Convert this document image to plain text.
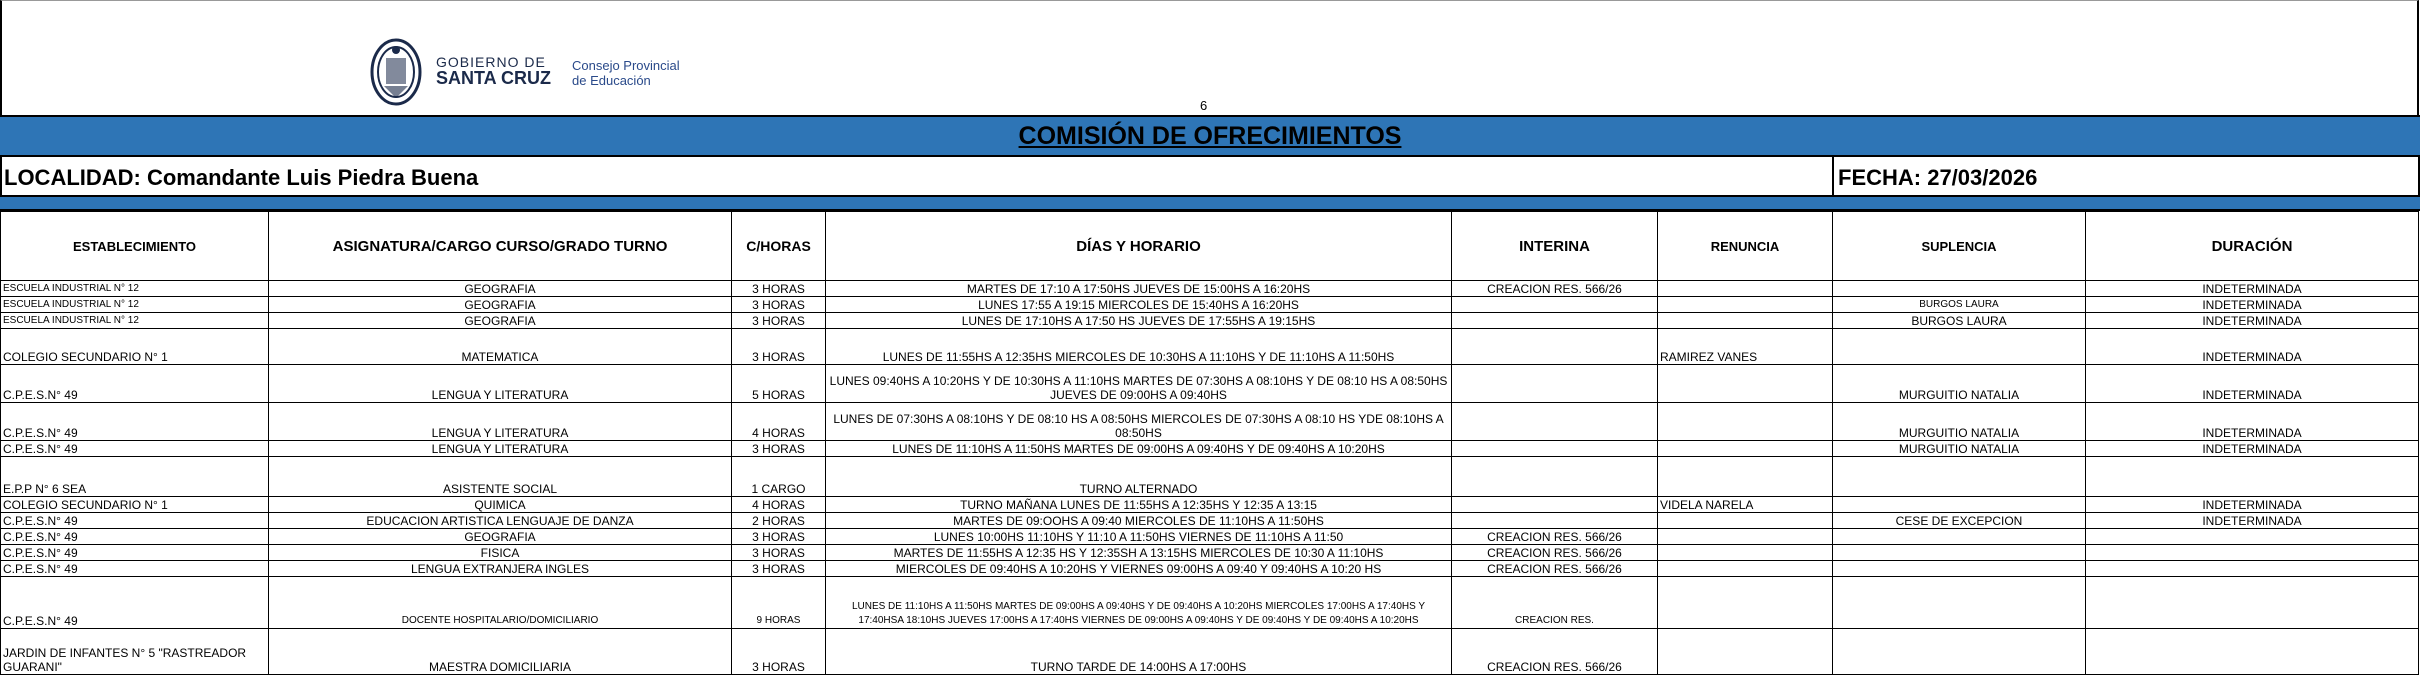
GOBIERNO DE
SANTA CRUZ
Consejo Provincial
de Educación
6
COMISIÓN DE OFRECIMIENTOS
LOCALIDAD: Comandante Luis Piedra Buena	FECHA: 27/03/2026
ESTABLECIMIENTO	ASIGNATURA/CARGO CURSO/GRADO TURNO	C/HORAS	DÍAS Y HORARIO	INTERINA	RENUNCIA	SUPLENCIA	DURACIÓN
ESCUELA INDUSTRIAL N° 12	GEOGRAFIA	3 HORAS	MARTES DE 17:10 A 17:50HS JUEVES DE 15:00HS A 16:20HS	CREACION RES. 566/26			INDETERMINADA
ESCUELA INDUSTRIAL N° 12	GEOGRAFIA	3 HORAS	LUNES 17:55 A 19:15 MIERCOLES DE 15:40HS A 16:20HS			BURGOS LAURA	INDETERMINADA
ESCUELA INDUSTRIAL N° 12	GEOGRAFIA	3 HORAS	LUNES DE 17:10HS A 17:50 HS JUEVES DE 17:55HS A 19:15HS			BURGOS LAURA	INDETERMINADA
COLEGIO SECUNDARIO N° 1	MATEMATICA	3 HORAS	LUNES DE 11:55HS A 12:35HS MIERCOLES DE 10:30HS A 11:10HS Y DE 11:10HS A 11:50HS		RAMIREZ VANES		INDETERMINADA
C.P.E.S.N° 49	LENGUA Y LITERATURA	5 HORAS	LUNES 09:40HS A 10:20HS Y DE 10:30HS A 11:10HS MARTES DE 07:30HS A 08:10HS Y DE 08:10 HS A 08:50HS JUEVES DE 09:00HS A 09:40HS			MURGUITIO NATALIA	INDETERMINADA
C.P.E.S.N° 49	LENGUA Y LITERATURA	4 HORAS	LUNES DE 07:30HS A 08:10HS Y DE 08:10 HS A 08:50HS MIERCOLES DE 07:30HS A 08:10 HS YDE 08:10HS A 08:50HS			MURGUITIO NATALIA	INDETERMINADA
C.P.E.S.N° 49	LENGUA Y LITERATURA	3 HORAS	LUNES DE 11:10HS A 11:50HS MARTES DE 09:00HS A 09:40HS Y DE 09:40HS A 10:20HS			MURGUITIO NATALIA	INDETERMINADA
E.P.P N° 6 SEA	ASISTENTE SOCIAL	1 CARGO	TURNO ALTERNADO				
COLEGIO SECUNDARIO N° 1	QUIMICA	4 HORAS	TURNO MAÑANA LUNES DE 11:55HS A 12:35HS Y 12:35 A 13:15		VIDELA NARELA		INDETERMINADA
C.P.E.S.N° 49	EDUCACION ARTISTICA LENGUAJE DE DANZA	2 HORAS	MARTES DE 09:OOHS A 09:40 MIERCOLES DE 11:10HS A 11:50HS			CESE DE EXCEPCION	INDETERMINADA
C.P.E.S.N° 49	GEOGRAFIA	3 HORAS	LUNES 10:00HS 11:10HS Y 11:10 A 11:50HS VIERNES DE 11:10HS A 11:50	CREACION RES. 566/26			
C.P.E.S.N° 49	FISICA	3 HORAS	MARTES DE 11:55HS A 12:35 HS Y 12:35SH A 13:15HS MIERCOLES DE 10:30 A 11:10HS	CREACION RES. 566/26			
C.P.E.S.N° 49	LENGUA EXTRANJERA INGLES	3 HORAS	MIERCOLES DE 09:40HS A 10:20HS Y VIERNES 09:00HS A 09:40 Y 09:40HS A 10:20 HS	CREACION RES. 566/26			
C.P.E.S.N° 49	DOCENTE HOSPITALARIO/DOMICILIARIO	9 HORAS	LUNES DE 11:10HS A 11:50HS MARTES DE 09:00HS A 09:40HS Y DE 09:40HS A 10:20HS MIERCOLES 17:00HS A 17:40HS Y 17:40HSA 18:10HS JUEVES 17:00HS A 17:40HS VIERNES DE 09:00HS A 09:40HS Y DE 09:40HS Y DE 09:40HS A 10:20HS	CREACION RES.			
JARDIN DE INFANTES N° 5 "RASTREADOR GUARANI"	MAESTRA DOMICILIARIA	3 HORAS	TURNO TARDE DE 14:00HS A 17:00HS	CREACION RES. 566/26			
